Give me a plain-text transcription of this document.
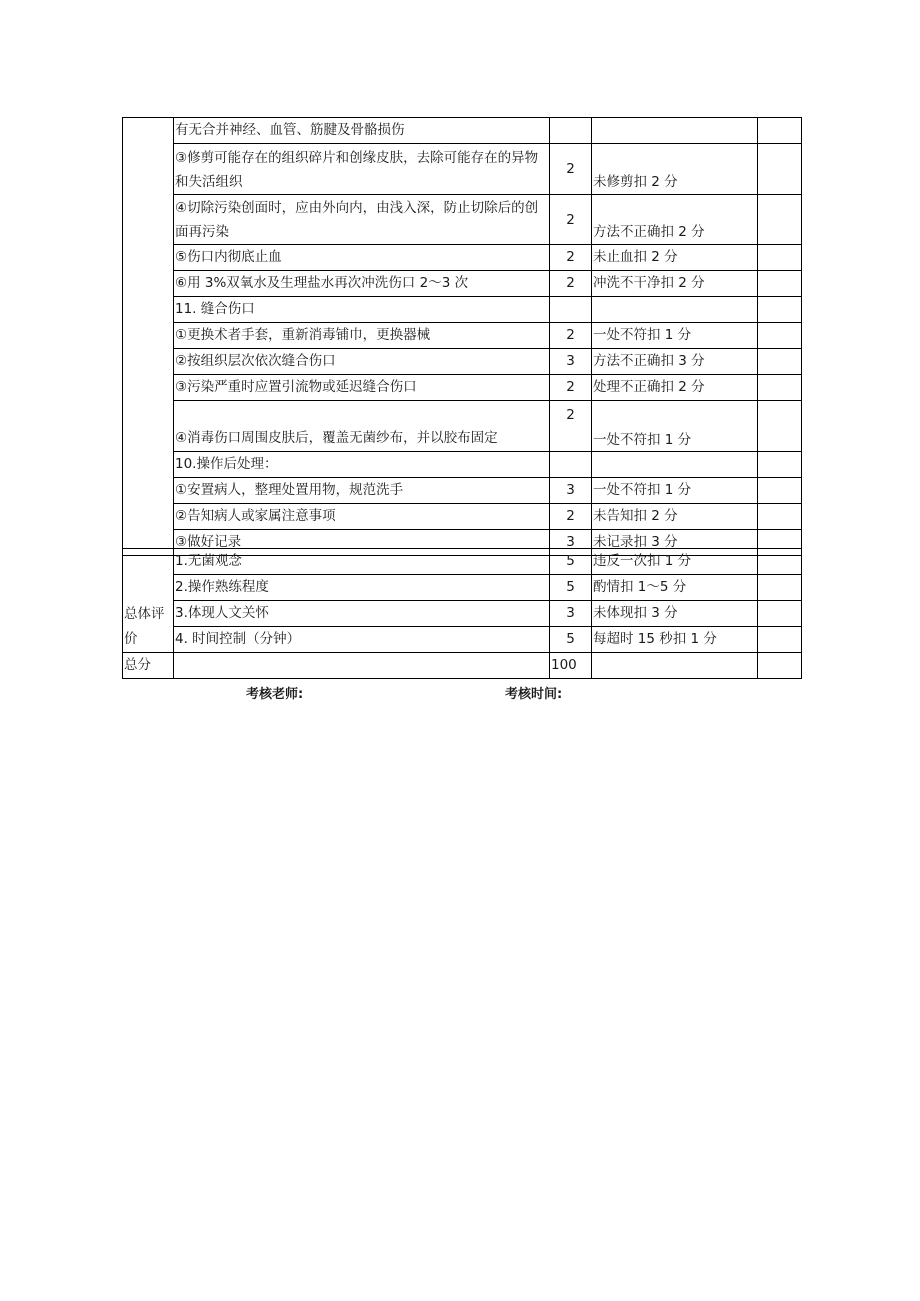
	有无合并神经、血管、筋腱及骨骼损伤			
	③修剪可能存在的组织碎片和创缘皮肤，去除可能存在的异物和失活组织	2	未修剪扣 2 分	
	④切除污染创面时，应由外向内，由浅入深，防止切除后的创面再污染	2	方法不正确扣 2 分	
	⑤伤口内彻底止血	2	未止血扣 2 分	
	⑥用 3%双氧水及生理盐水再次冲洗伤口 2～3 次	2	冲洗不干净扣 2 分	
	11. 缝合伤口			
	①更换术者手套，重新消毒铺巾，更换器械	2	一处不符扣 1 分	
	②按组织层次依次缝合伤口	3	方法不正确扣 3 分	
	③污染严重时应置引流物或延迟缝合伤口	2	处理不正确扣 2 分	
	④消毒伤口周围皮肤后，覆盖无菌纱布，并以胶布固定	2	一处不符扣 1 分	
	10.操作后处理：			
	①安置病人，整理处置用物，规范洗手	3	一处不符扣 1 分	
	②告知病人或家属注意事项	2	未告知扣 2 分	
	③做好记录	3	未记录扣 3 分	
总体评价	1.无菌观念	5	违反一次扣 1 分	
	2.操作熟练程度	5	酌情扣 1～5 分	
	3.体现人文关怀	3	未体现扣 3 分	
	4. 时间控制（分钟）	5	每超时 15 秒扣 1 分	
总分		100		
考核老师:	考核时间:
